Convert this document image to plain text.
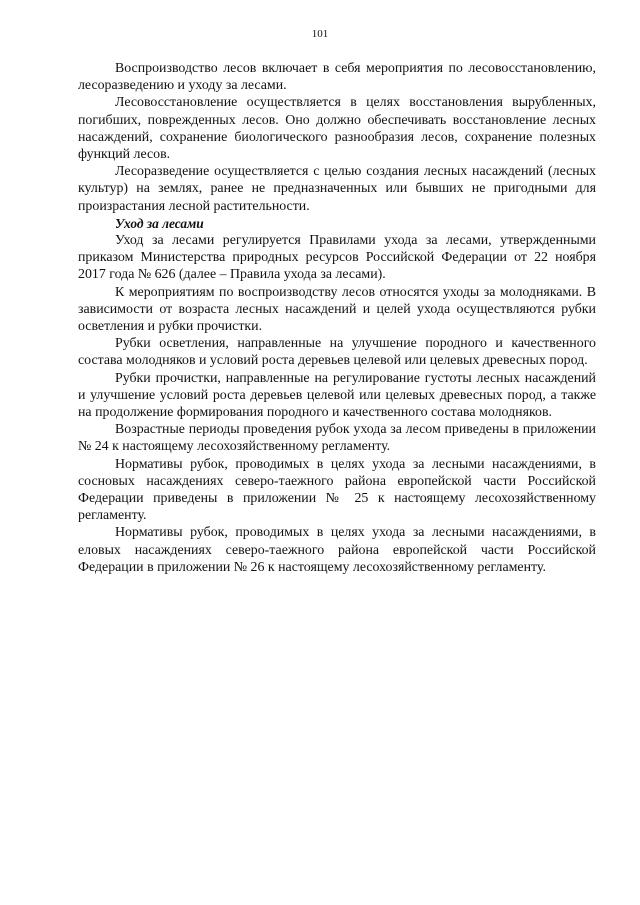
101

Воспроизводство лесов включает в себя мероприятия по лесовосстановлению, лесоразведению и уходу за лесами.

Лесовосстановление осуществляется в целях восстановления вырубленных, погибших, поврежденных лесов. Оно должно обеспечивать восстановление лесных насаждений, сохранение биологического разнообразия лесов, сохранение полезных функций лесов.

Лесоразведение осуществляется с целью создания лесных насаждений (лесных культур) на землях, ранее не предназначенных или бывших не пригодными для произрастания лесной растительности.

Уход за лесами

Уход за лесами регулируется Правилами ухода за лесами, утвержденными приказом Министерства природных ресурсов Российской Федерации от 22 ноября 2017 года № 626 (далее – Правила ухода за лесами).

К мероприятиям по воспроизводству лесов относятся уходы за молодняками. В зависимости от возраста лесных насаждений и целей ухода осуществляются рубки осветления и рубки прочистки.

Рубки осветления, направленные на улучшение породного и качественного состава молодняков и условий роста деревьев целевой или целевых древесных пород.

Рубки прочистки, направленные на регулирование густоты лесных насаждений и улучшение условий роста деревьев целевой или целевых древесных пород, а также на продолжение формирования породного и качественного состава молодняков.

Возрастные периоды проведения рубок ухода за лесом приведены в приложении № 24 к настоящему лесохозяйственному регламенту.

Нормативы рубок, проводимых в целях ухода за лесными насаждениями, в сосновых насаждениях северо-таежного района европейской части Российской Федерации приведены в приложении № 25 к настоящему лесохозяйственному регламенту.

Нормативы рубок, проводимых в целях ухода за лесными насаждениями, в еловых насаждениях северо-таежного района европейской части Российской Федерации в приложении № 26 к настоящему лесохозяйственному регламенту.
